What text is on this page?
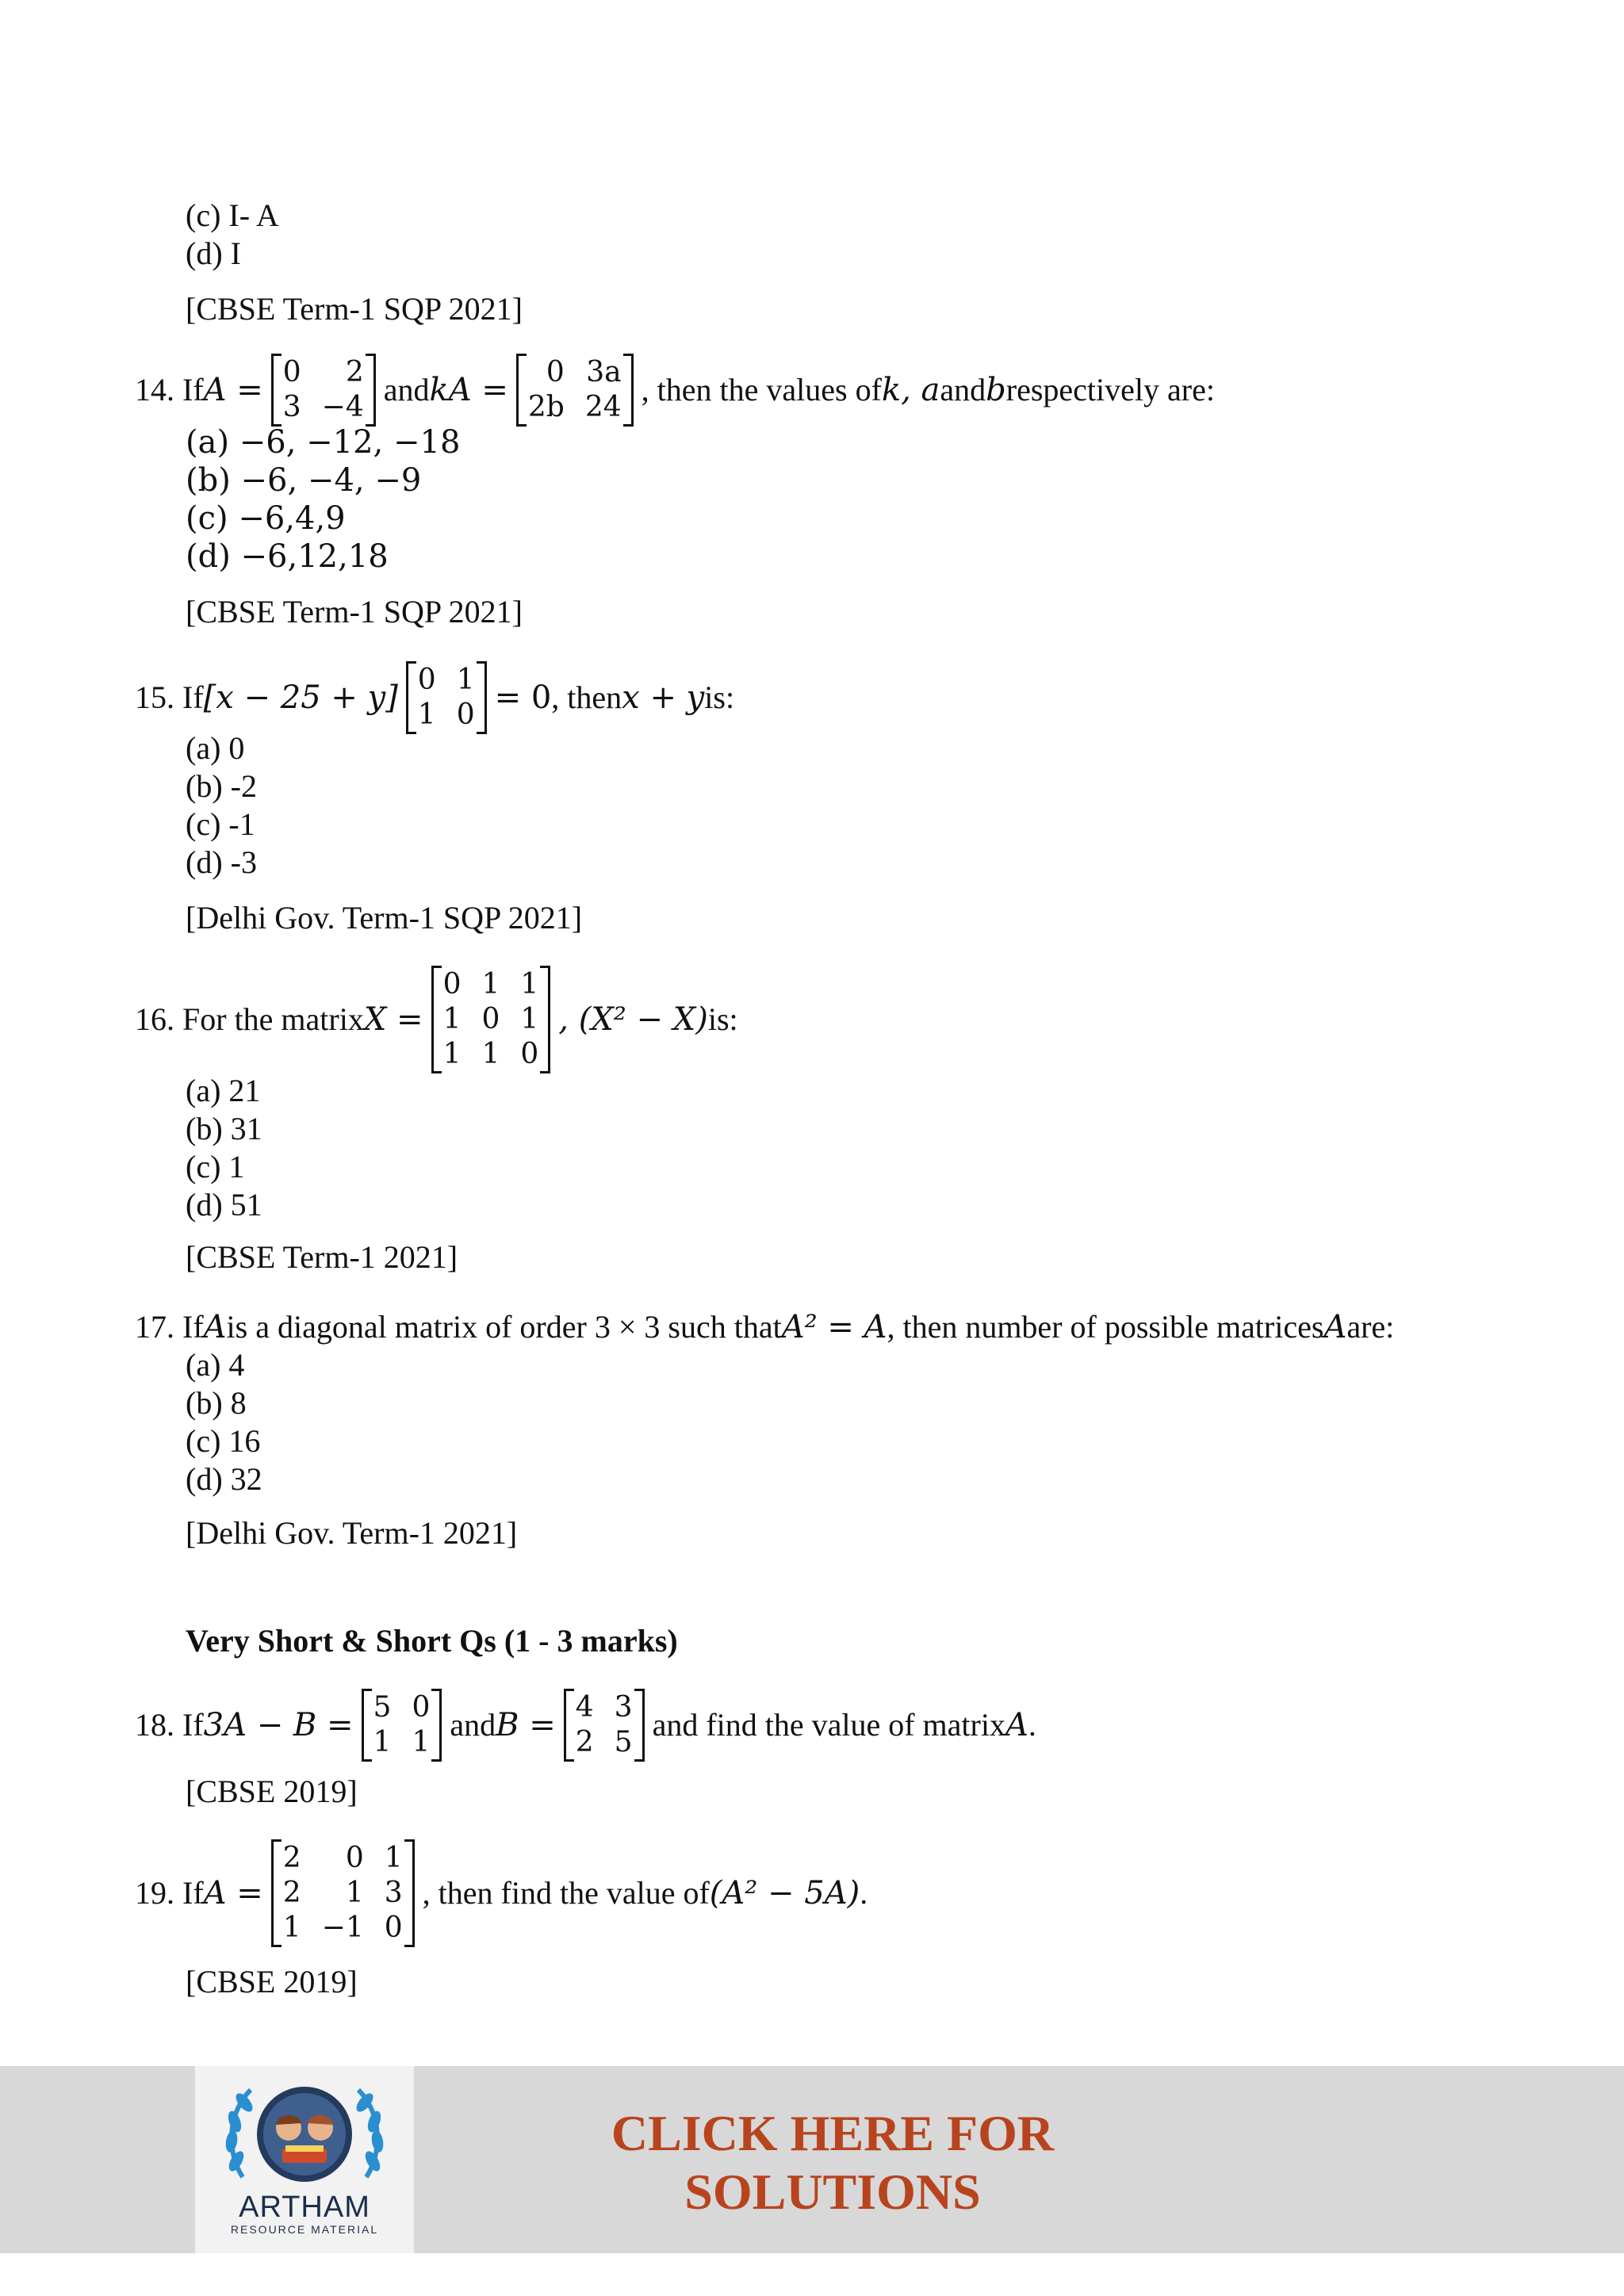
(c) I- A
(d) I
[CBSE Term-1 SQP 2021]
14. If A = 0	2
3 −4 and kA =	0 3a
2b 24 , then the values of k, a and b respectively are:
(a) −6, −12, −18
(b) −6, −4, −9
(c) −6,4,9
(d) −6,12,18
[CBSE Term-1 SQP 2021]
15. If [x − 25 + y] 0 1
1 0 = 0 , then x + y is:
(a) 0
(b) -2
(c) -1
(d) -3
[Delhi Gov. Term-1 SQP 2021]
16. For the matrix X =
0 1 1
1 0 1
1 1 0
, (X² − X) is:
(a) 21
(b) 31
(c) 1
(d) 51
[CBSE Term-1 2021]
17. If A is a diagonal matrix of order 3 × 3 such that A² = A , then number of possible matrices A are:
(a) 4
(b) 8
(c) 16
(d) 32
[Delhi Gov. Term-1 2021]
Very Short & Short Qs (1 - 3 marks)
18. If 3A − B = 5 0
1 1 and B = 4 3
2 5 and find the value of matrix A .
[CBSE 2019]
19. If A =
2	0 1
2	1 3
1 −1 0
, then find the value of (A² − 5A) .
[CBSE 2019]
ARTHAM
RESOURCE MATERIAL
CLICK HERE FOR
SOLUTIONS
